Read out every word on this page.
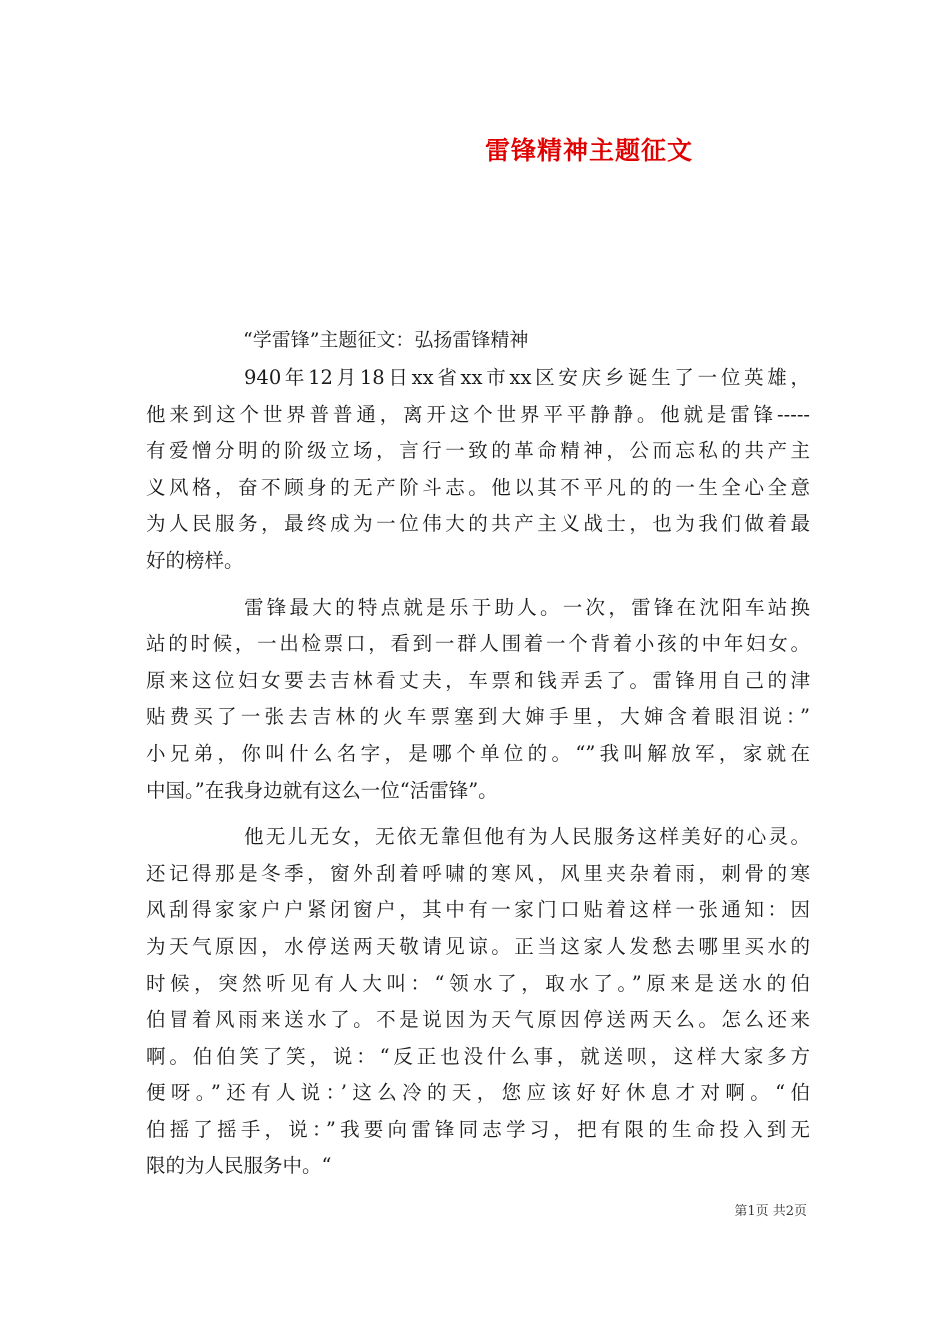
雷锋精神主题征文
“学雷锋”主题征文：弘扬雷锋精神
940年12月18日xx省xx市xx区安庆乡诞生了一位英雄，
他来到这个世界普普通，离开这个世界平平静静。他就是雷锋-----
有爱憎分明的阶级立场，言行一致的革命精神，公而忘私的共产主
义风格，奋不顾身的无产阶斗志。他以其不平凡的的一生全心全意
为人民服务，最终成为一位伟大的共产主义战士，也为我们做着最
好的榜样。
雷锋最大的特点就是乐于助人。一次，雷锋在沈阳车站换
站的时候，一出检票口，看到一群人围着一个背着小孩的中年妇女。
原来这位妇女要去吉林看丈夫，车票和钱弄丢了。雷锋用自己的津
贴费买了一张去吉林的火车票塞到大婶手里，大婶含着眼泪说：”
小兄弟，你叫什么名字，是哪个单位的。“”我叫解放军，家就在
中国。”在我身边就有这么一位“活雷锋”。
他无儿无女，无依无靠但他有为人民服务这样美好的心灵。
还记得那是冬季，窗外刮着呼啸的寒风，风里夹杂着雨，刺骨的寒
风刮得家家户户紧闭窗户，其中有一家门口贴着这样一张通知：因
为天气原因，水停送两天敬请见谅。正当这家人发愁去哪里买水的
时候，突然听见有人大叫：“领水了，取水了。”原来是送水的伯
伯冒着风雨来送水了。不是说因为天气原因停送两天么。怎么还来
啊。伯伯笑了笑，说：“反正也没什么事，就送呗，这样大家多方
便呀。”还有人说：’这么冷的天，您应该好好休息才对啊。“伯
伯摇了摇手，说：”我要向雷锋同志学习，把有限的生命投入到无
限的为人民服务中。“
第1页 共2页
